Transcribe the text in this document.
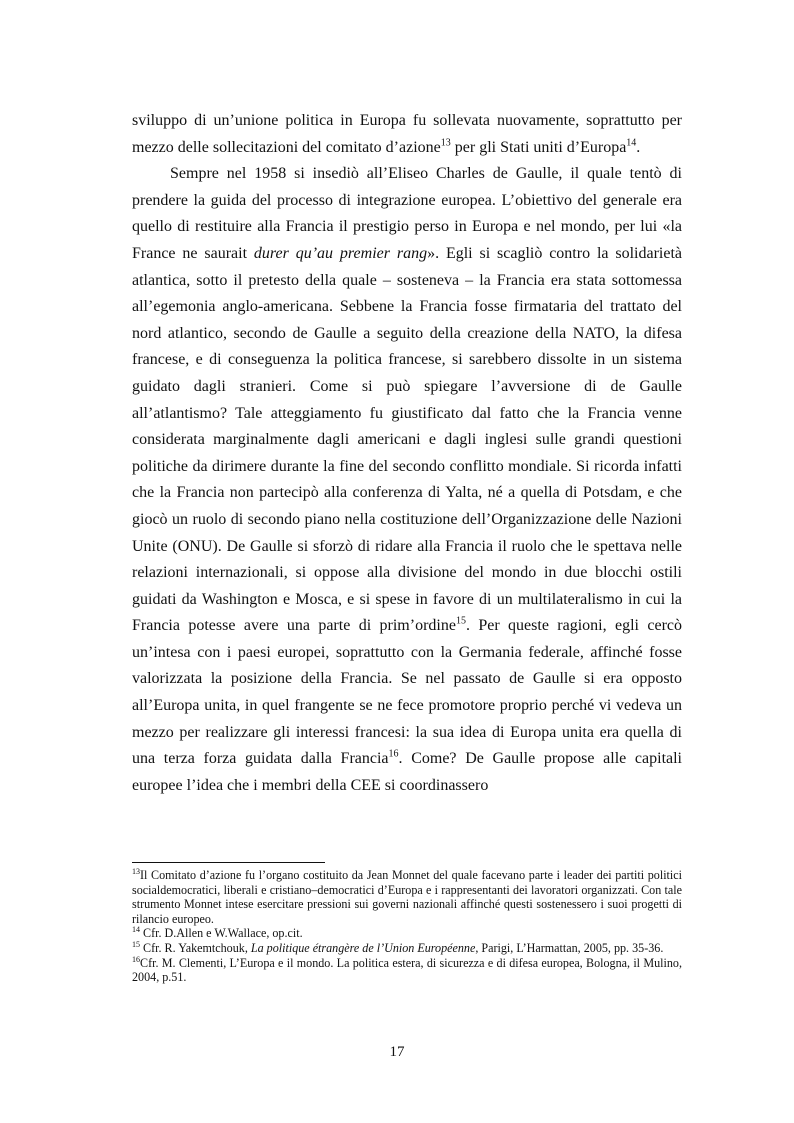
sviluppo di un’unione politica in Europa fu sollevata nuovamente, soprattutto per mezzo delle sollecitazioni del comitato d’azione$^{13}$ per gli Stati uniti d’Europa$^{14}$.

Sempre nel 1958 si insediò all’Eliseo Charles de Gaulle, il quale tentò di prendere la guida del processo di integrazione europea. L’obiettivo del generale era quello di restituire alla Francia il prestigio perso in Europa e nel mondo, per lui «la France ne saurait durer qu’au premier rang». Egli si scagliò contro la solidarietà atlantica, sotto il pretesto della quale – sosteneva – la Francia era stata sottomessa all’egemonia anglo-americana. Sebbene la Francia fosse firmataria del trattato del nord atlantico, secondo de Gaulle a seguito della creazione della NATO, la difesa francese, e di conseguenza la politica francese, si sarebbero dissolte in un sistema guidato dagli stranieri. Come si può spiegare l’avversione di de Gaulle all’atlantismo? Tale atteggiamento fu giustificato dal fatto che la Francia venne considerata marginalmente dagli americani e dagli inglesi sulle grandi questioni politiche da dirimere durante la fine del secondo conflitto mondiale. Si ricorda infatti che la Francia non partecipò alla conferenza di Yalta, né a quella di Potsdam, e che giocò un ruolo di secondo piano nella costituzione dell’Organizzazione delle Nazioni Unite (ONU). De Gaulle si sforzò di ridare alla Francia il ruolo che le spettava nelle relazioni internazionali, si oppose alla divisione del mondo in due blocchi ostili guidati da Washington e Mosca, e si spese in favore di un multilateralismo in cui la Francia potesse avere una parte di prim’ordine$^{15}$. Per queste ragioni, egli cercò un’intesa con i paesi europei, soprattutto con la Germania federale, affinché fosse valorizzata la posizione della Francia. Se nel passato de Gaulle si era opposto all’Europa unita, in quel frangente se ne fece promotore proprio perché vi vedeva un mezzo per realizzare gli interessi francesi: la sua idea di Europa unita era quella di una terza forza guidata dalla Francia$^{16}$. Come? De Gaulle propose alle capitali europee l’idea che i membri della CEE si coordinassero

$^{13}$Il Comitato d’azione fu l’organo costituito da Jean Monnet del quale facevano parte i leader dei partiti politici socialdemocratici, liberali e cristiano–democratici d’Europa e i rappresentanti dei lavoratori organizzati. Con tale strumento Monnet intese esercitare pressioni sui governi nazionali affinché questi sostenessero i suoi progetti di rilancio europeo.

$^{14}$ Cfr. D.Allen e W.Wallace, op.cit.

$^{15}$ Cfr. R. Yakemtchouk, La politique étrangère de l’Union Européenne, Parigi, L’Harmattan, 2005, pp. 35-36.

$^{16}$Cfr. M. Clementi, L’Europa e il mondo. La politica estera, di sicurezza e di difesa europea, Bologna, il Mulino, 2004, p.51.

17
